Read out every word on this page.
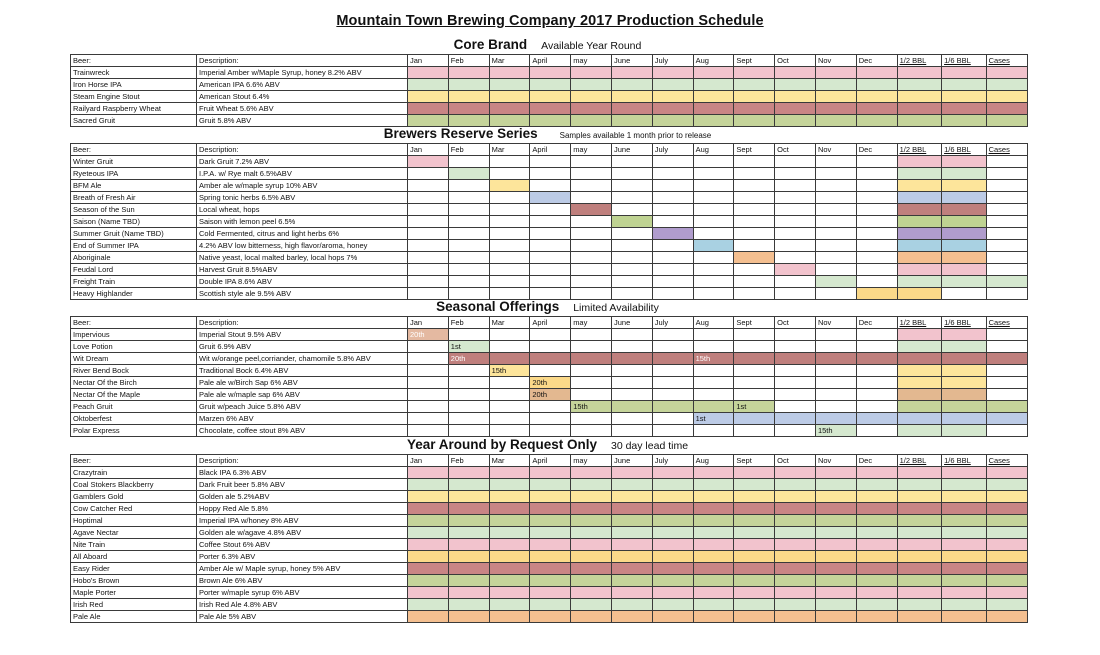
Mountain Town Brewing Company 2017 Production Schedule
Core Brand Available Year Round
Beer:	Description:	Jan	Feb	Mar	April	may	June	July	Aug	Sept	Oct	Nov	Dec	1/2 BBL	1/6 BBL	Cases
Trainwreck	Imperial Amber w/Maple Syrup, honey 8.2% ABV															
Iron Horse IPA	American IPA 6.6% ABV															
Steam Engine Stout	American Stout 6.4%															
Railyard Raspberry Wheat	Fruit Wheat 5.6% ABV															
Sacred Gruit	Gruit 5.8% ABV															
Brewers Reserve Series	Samples available 1 month prior to release
Beer:	Description:	Jan	Feb	Mar	April	may	June	July	Aug	Sept	Oct	Nov	Dec	1/2 BBL	1/6 BBL	Cases
Winter Gruit	Dark Gruit 7.2% ABV															
Ryeteous IPA	I.P.A. w/ Rye malt 6.5%ABV															
BFM Ale	Amber ale w/maple syrup 10% ABV															
Breath of Fresh Air	Spring tonic herbs 6.5% ABV															
Season of the Sun	Local wheat, hops															
Saison (Name TBD)	Saison with lemon peel 6.5%															
Summer Gruit (Name TBD)	Cold Fermented, citrus and light herbs 6%															
End of Summer IPA	4.2% ABV low bitterness, high flavor/aroma, honey															
Aboriginale	Native yeast, local malted barley, local hops 7%															
Feudal Lord	Harvest Gruit 8.5%ABV															
Freight Train	Double IPA 8.6% ABV															
Heavy Highlander	Scottish style ale 9.5% ABV															
Seasonal Offerings Limited Availability
Beer:	Description:	Jan	Feb	Mar	April	may	June	July	Aug	Sept	Oct	Nov	Dec	1/2 BBL	1/6 BBL	Cases
Impervious	Imperial Stout 9.5% ABV	20th														
Love Potion	Gruit 6.9% ABV		1st													
Wit Dream	Wit w/orange peel,corriander, chamomile 5.8% ABV		20th						15th							
River Bend Bock	Traditional Bock 6.4% ABV			15th												
Nectar Of the Birch	Pale ale w/Birch Sap 6% ABV				20th											
Nectar Of the Maple	Pale ale w/maple sap 6% ABV				20th											
Peach Gruit	Gruit w/peach Juice 5.8% ABV					15th				1st						
Oktoberfest	Marzen 6% ABV								1st							
Polar Express	Chocolate, coffee stout 8% ABV											15th				
Year Around by Request Only 30 day lead time
Beer:	Description:	Jan	Feb	Mar	April	may	June	July	Aug	Sept	Oct	Nov	Dec	1/2 BBL	1/6 BBL	Cases
Crazytrain	Black IPA 6.3% ABV															
Coal Stokers Blackberry	Dark Fruit beer 5.8% ABV															
Gamblers Gold	Golden ale 5.2%ABV															
Cow Catcher Red	Hoppy Red Ale 5.8%															
Hoptimal	Imperial IPA w/honey 8% ABV															
Agave Nectar	Golden ale w/agave 4.8% ABV															
Nite Train	Coffee Stout 6% ABV															
All Aboard	Porter 6.3% ABV															
Easy Rider	Amber Ale w/ Maple syrup, honey 5% ABV															
Hobo's Brown	Brown Ale 6% ABV															
Maple Porter	Porter w/maple syrup 6% ABV															
Irish Red	Irish Red Ale 4.8% ABV															
Pale Ale	Pale Ale 5% ABV															
